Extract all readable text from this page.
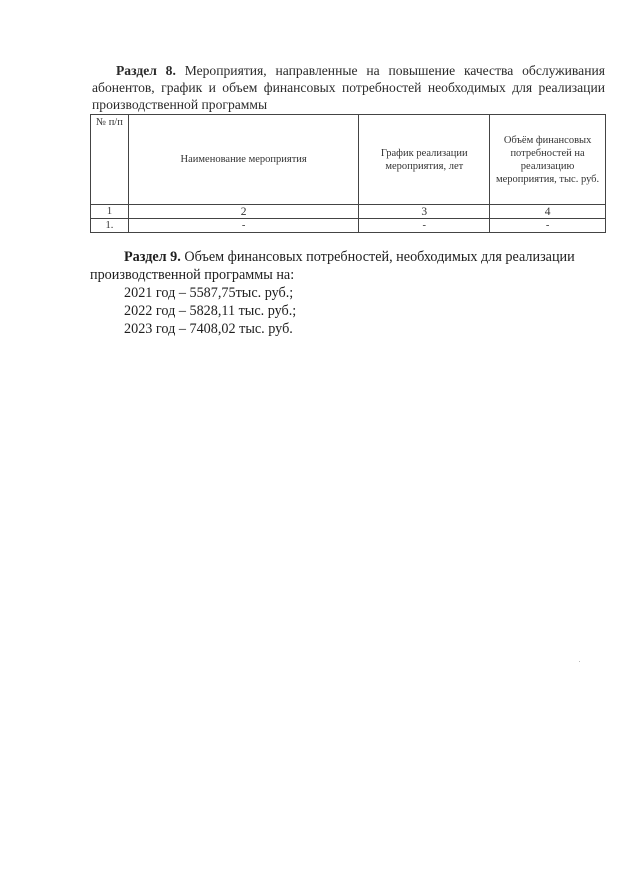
Раздел 8. Мероприятия, направленные на повышение качества обслуживания абонентов, график и объем финансовых потребностей необходимых для реализации производственной программы
№ п/п	Наименование мероприятия	График реализации мероприятия, лет	Объём финансовых потребностей на реализацию мероприятия, тыс. руб.
1	2	3	4
1.	-	-	-
Раздел 9. Объем финансовых потребностей, необходимых для реализации производственной программы на:
2021 год – 5587,75тыс. руб.;
2022 год – 5828,11 тыс. руб.;
2023 год – 7408,02 тыс. руб.
